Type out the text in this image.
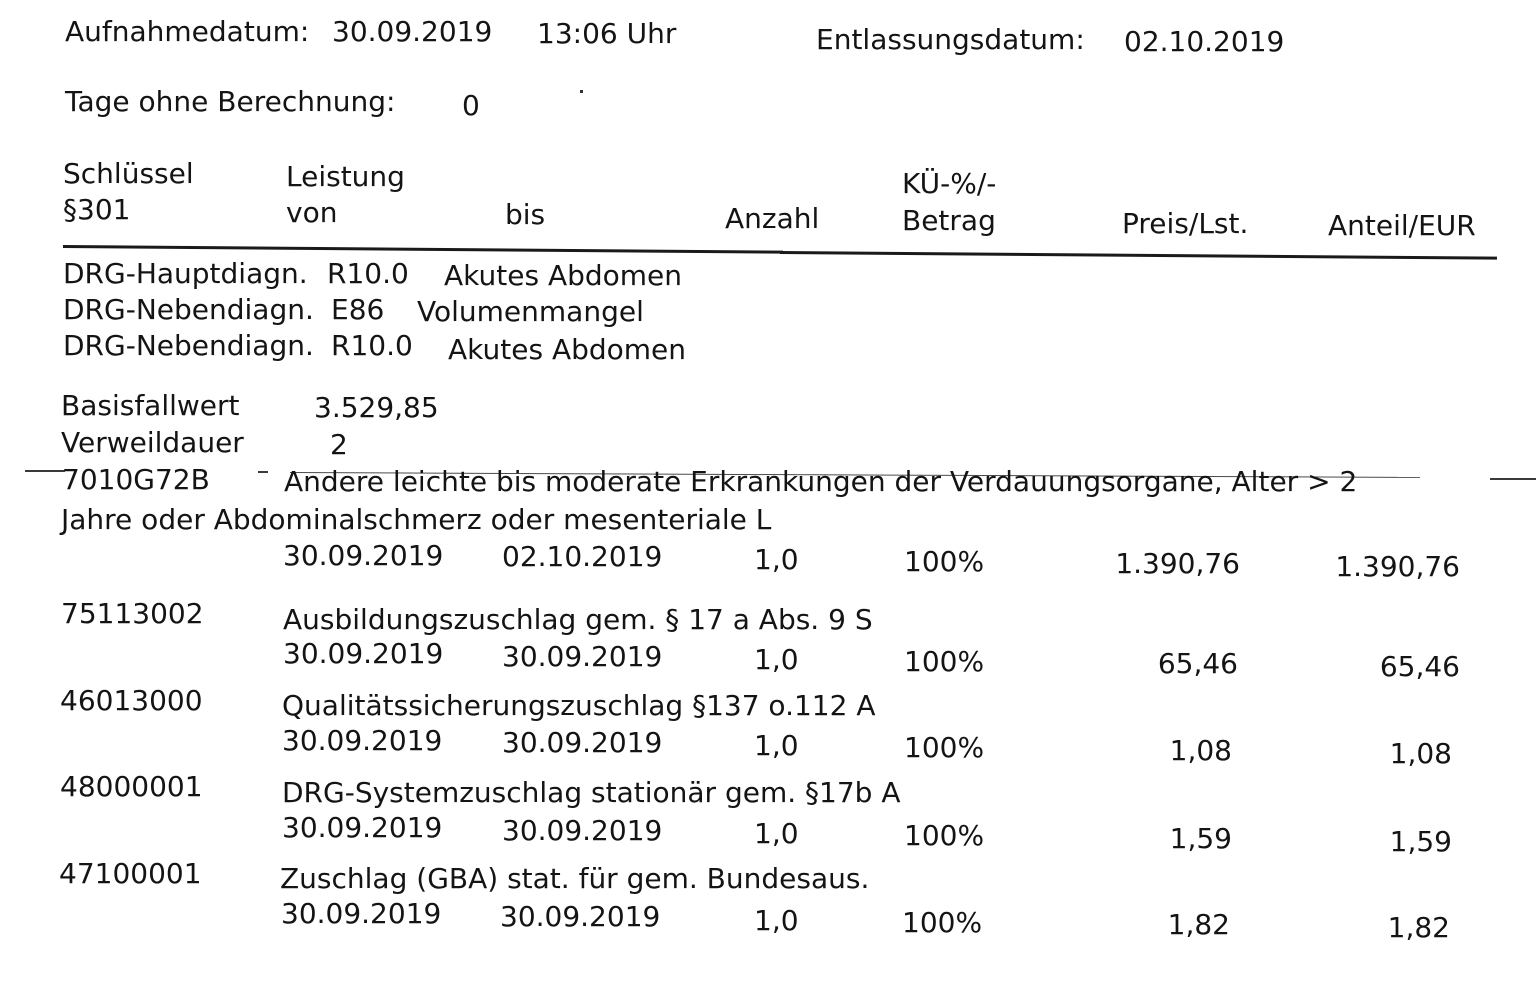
Aufnahmedatum: 30.09.2019 13:06 Uhr	Entlassungsdatum: 02.10.2019
Tage ohne Berechnung: 0
Schlüssel
§301
Leistung
von	bis	Anzahl
KÜ-%/-
Betrag	Preis/Lst.	Anteil/EUR
DRG-Hauptdiagn. R10.0 Akutes Abdomen
DRG-Nebendiagn. E86 Volumenmangel
DRG-Nebendiagn. R10.0 Akutes Abdomen
Basisfallwert	3.529,85
Verweildauer	2
7010G72B	Andere leichte bis moderate Erkrankungen der Verdauungsorgane, Alter > 2
Jahre oder Abdominalschmerz oder mesenteriale L
30.09.2019 02.10.2019	1,0	100%	1.390,76	1.390,76
75113002	Ausbildungszuschlag gem. § 17 a Abs. 9 S
30.09.2019 30.09.2019	1,0	100%	65,46	65,46
46013000	Qualitätssicherungszuschlag §137 o.112 A
30.09.2019 30.09.2019	1,0	100%	1,08	1,08
48000001	DRG-Systemzuschlag stationär gem. §17b A
30.09.2019 30.09.2019	1,0	100%	1,59	1,59
47100001	Zuschlag (GBA) stat. für gem. Bundesaus.
30.09.2019 30.09.2019	1,0	100%	1,82	1,82
